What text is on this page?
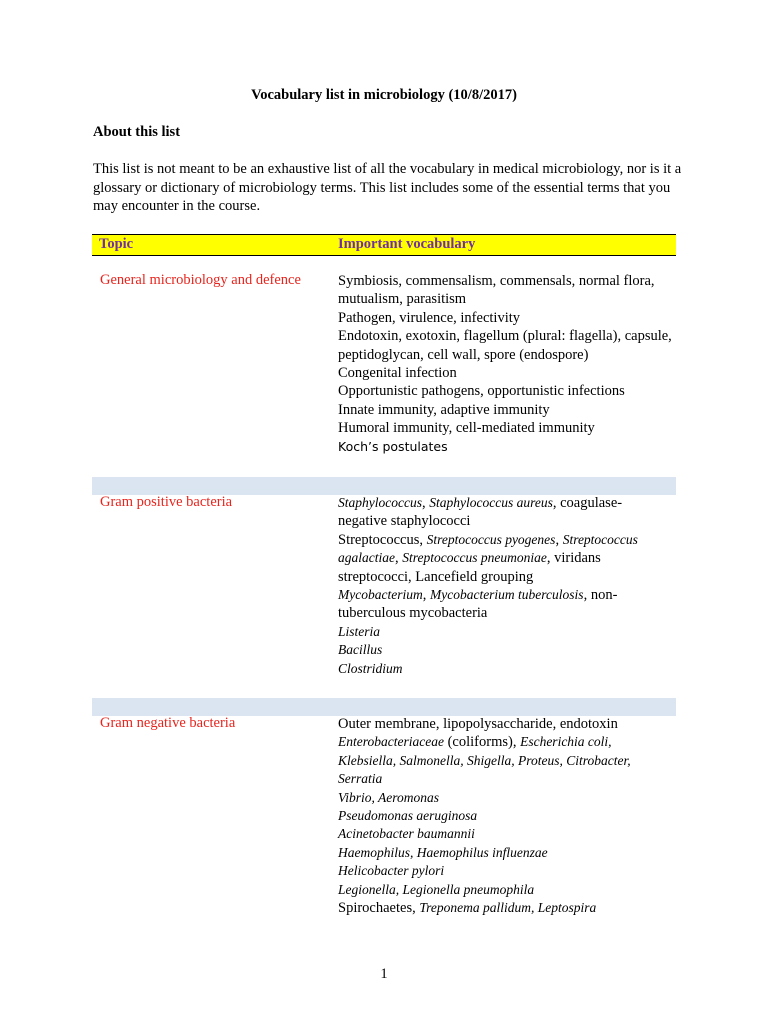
Vocabulary list in microbiology (10/8/2017)
About this list
This list is not meant to be an exhaustive list of all the vocabulary in medical microbiology, nor is it a
glossary or dictionary of microbiology terms. This list includes some of the essential terms that you
may encounter in the course.
Topic	Important vocabulary
General microbiology and defence	Symbiosis, commensalism, commensals, normal flora,
mutualism, parasitism
Pathogen, virulence, infectivity
Endotoxin, exotoxin, flagellum (plural: flagella), capsule,
peptidoglycan, cell wall, spore (endospore)
Congenital infection
Opportunistic pathogens, opportunistic infections
Innate immunity, adaptive immunity
Humoral immunity, cell-mediated immunity
Koch’s postulates
Gram positive bacteria	Staphylococcus, Staphylococcus aureus, coagulase-
negative staphylococci
Streptococcus, Streptococcus pyogenes, Streptococcus
agalactiae, Streptococcus pneumoniae, viridans
streptococci, Lancefield grouping
Mycobacterium, Mycobacterium tuberculosis, non-
tuberculous mycobacteria
Listeria
Bacillus
Clostridium
Gram negative bacteria	Outer membrane, lipopolysaccharide, endotoxin
Enterobacteriaceae (coliforms), Escherichia coli,
Klebsiella, Salmonella, Shigella, Proteus, Citrobacter,
Serratia
Vibrio, Aeromonas
Pseudomonas aeruginosa
Acinetobacter baumannii
Haemophilus, Haemophilus influenzae
Helicobacter pylori
Legionella, Legionella pneumophila
Spirochaetes, Treponema pallidum, Leptospira
1
